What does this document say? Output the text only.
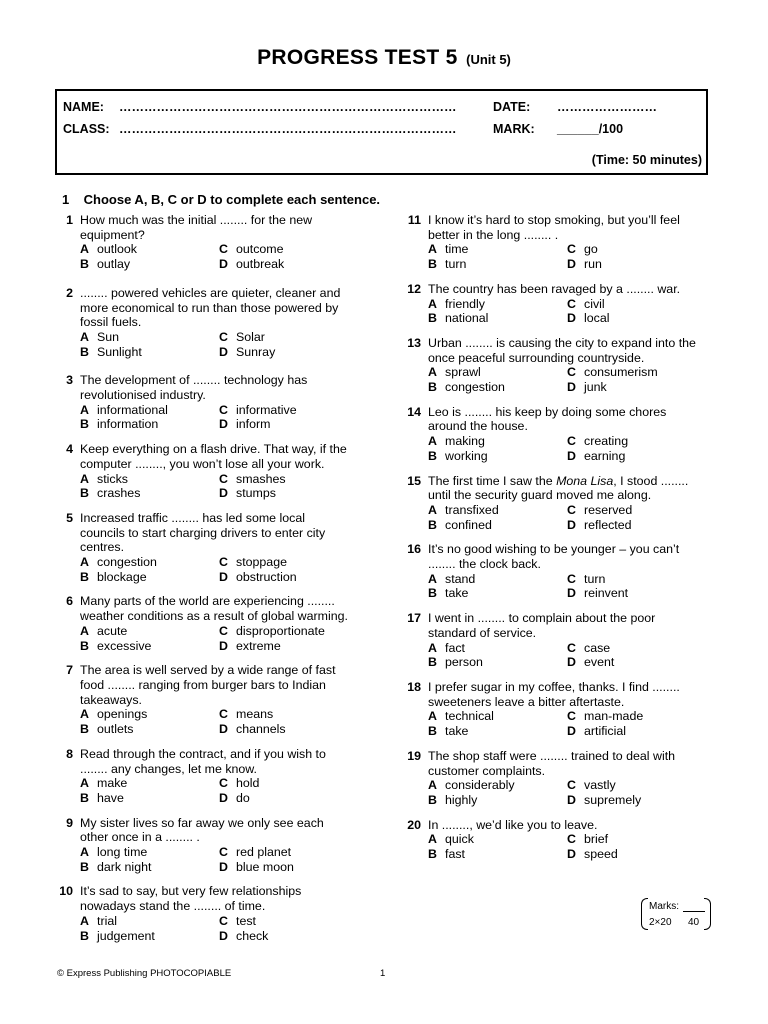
PROGRESS TEST 5 (Unit 5)
NAME: ………………………………………………………………………	DATE: ……………………
CLASS: ………………………………………………………………………	MARK: ______/100
(Time: 50 minutes)
1 Choose A, B, C or D to complete each sentence.
1 How much was the initial ........ for the new equipment?
A outlook	C outcome
B outlay	D outbreak
2 ........ powered vehicles are quieter, cleaner and more economical to run than those powered by fossil fuels.
A Sun	C Solar
B Sunlight	D Sunray
3 The development of ........ technology has revolutionised industry.
A informational	C informative
B information	D inform
4 Keep everything on a flash drive. That way, if the computer ........, you won’t lose all your work.
A sticks	C smashes
B crashes	D stumps
5 Increased traffic ........ has led some local councils to start charging drivers to enter city centres.
A congestion	C stoppage
B blockage	D obstruction
6 Many parts of the world are experiencing ........ weather conditions as a result of global warming.
A acute	C disproportionate
B excessive	D extreme
7 The area is well served by a wide range of fast food ........ ranging from burger bars to Indian takeaways.
A openings	C means
B outlets	D channels
8 Read through the contract, and if you wish to ........ any changes, let me know.
A make	C hold
B have	D do
9 My sister lives so far away we only see each other once in a ........ .
A long time	C red planet
B dark night	D blue moon
10 It’s sad to say, but very few relationships nowadays stand the ........ of time.
A trial	C test
B judgement	D check
11 I know it’s hard to stop smoking, but you’ll feel better in the long ........ .
A time	C go
B turn	D run
12 The country has been ravaged by a ........ war.
A friendly	C civil
B national	D local
13 Urban ........ is causing the city to expand into the once peaceful surrounding countryside.
A sprawl	C consumerism
B congestion	D junk
14 Leo is ........ his keep by doing some chores around the house.
A making	C creating
B working	D earning
15 The first time I saw the Mona Lisa, I stood ........ until the security guard moved me along.
A transfixed	C reserved
B confined	D reflected
16 It’s no good wishing to be younger – you can’t ........ the clock back.
A stand	C turn
B take	D reinvent
17 I went in ........ to complain about the poor standard of service.
A fact	C case
B person	D event
18 I prefer sugar in my coffee, thanks. I find ........ sweeteners leave a bitter aftertaste.
A technical	C man-made
B take	D artificial
19 The shop staff were ........ trained to deal with customer complaints.
A considerably	C vastly
B highly	D supremely
20 In ........, we’d like you to leave.
A quick	C brief
B fast	D speed
Marks:
2×20 40
© Express Publishing PHOTOCOPIABLE	1
